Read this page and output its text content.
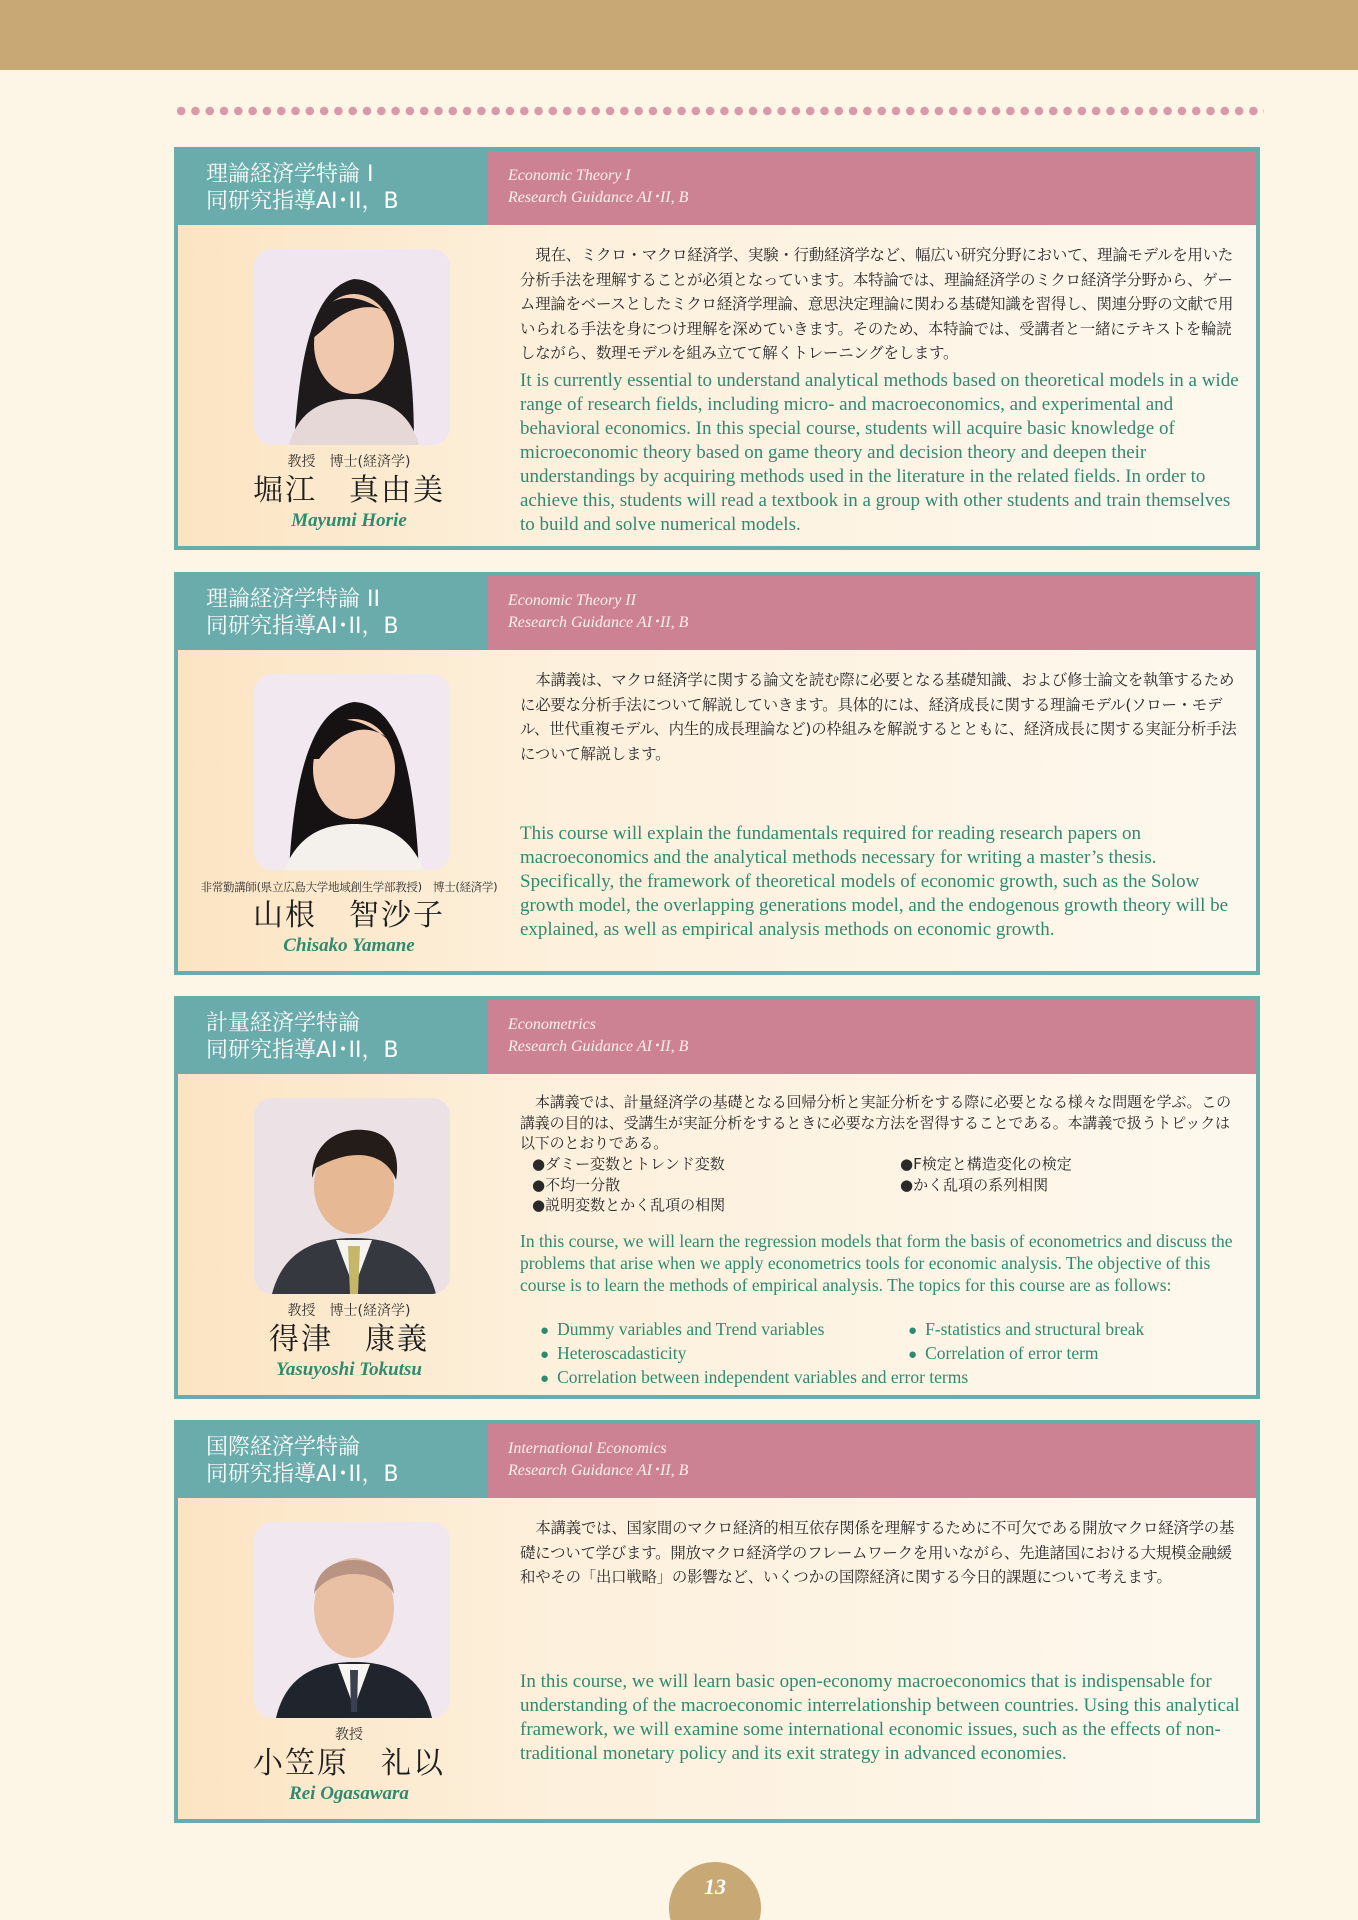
理論経済学特論 I
同研究指導AI･II，B
Economic Theory I
Research Guidance AI･II, B
教授　博士(経済学)
堀江　真由美
Mayumi Horie
現在、ミクロ・マクロ経済学、実験・行動経済学など、幅広い研究分野において、理論モデルを用いた分析手法を理解することが必須となっています。本特論では、理論経済学のミクロ経済学分野から、ゲーム理論をベースとしたミクロ経済学理論、意思決定理論に関わる基礎知識を習得し、関連分野の文献で用いられる手法を身につけ理解を深めていきます。そのため、本特論では、受講者と一緒にテキストを輪読しながら、数理モデルを組み立てて解くトレーニングをします。
It is currently essential to understand analytical methods based on theoretical models in a wide range of research fields, including micro- and macroeconomics, and experimental and behavioral economics. In this special course, students will acquire basic knowledge of microeconomic theory based on game theory and decision theory and deepen their understandings by acquiring methods used in the literature in the related fields. In order to achieve this, students will read a textbook in a group with other students and train themselves to build and solve numerical models.
理論経済学特論 II
同研究指導AI･II，B
Economic Theory II
Research Guidance AI･II, B
非常勤講師(県立広島大学地域創生学部教授)　博士(経済学)
山根　智沙子
Chisako Yamane
本講義は、マクロ経済学に関する論文を読む際に必要となる基礎知識、および修士論文を執筆するために必要な分析手法について解説していきます。具体的には、経済成長に関する理論モデル(ソロー・モデル、世代重複モデル、内生的成長理論など)の枠組みを解説するとともに、経済成長に関する実証分析手法について解説します。
This course will explain the fundamentals required for reading research papers on macroeconomics and the analytical methods necessary for writing a master’s thesis. Specifically, the framework of theoretical models of economic growth, such as the Solow growth model, the overlapping generations model, and the endogenous growth theory will be explained, as well as empirical analysis methods on economic growth.
計量経済学特論
同研究指導AI･II，B
Econometrics
Research Guidance AI･II, B
教授　博士(経済学)
得津　康義
Yasuyoshi Tokutsu
本講義では、計量経済学の基礎となる回帰分析と実証分析をする際に必要となる様々な問題を学ぶ。この講義の目的は、受講生が実証分析をするときに必要な方法を習得することである。本講義で扱うトピックは以下のとおりである。
●ダミー変数とトレンド変数
●不均一分散
●説明変数とかく乱項の相関
●F検定と構造変化の検定
●かく乱項の系列相関
In this course, we will learn the regression models that form the basis of econometrics and discuss the problems that arise when we apply econometrics tools for economic analysis. The objective of this course is to learn the methods of empirical analysis. The topics for this course are as follows:
● Dummy variables and Trend variables
● Heteroscadasticity
● Correlation between independent variables and error terms
● F-statistics and structural break
● Correlation of error term
国際経済学特論
同研究指導AI･II，B
International Economics
Research Guidance AI･II, B
教授
小笠原　礼以
Rei Ogasawara
本講義では、国家間のマクロ経済的相互依存関係を理解するために不可欠である開放マクロ経済学の基礎について学びます。開放マクロ経済学のフレームワークを用いながら、先進諸国における大規模金融緩和やその「出口戦略」の影響など、いくつかの国際経済に関する今日的課題について考えます。
In this course, we will learn basic open-economy macroeconomics that is indispensable for understanding of the macroeconomic interrelationship between countries. Using this analytical framework, we will examine some international economic issues, such as the effects of non-traditional monetary policy and its exit strategy in advanced economies.
13
